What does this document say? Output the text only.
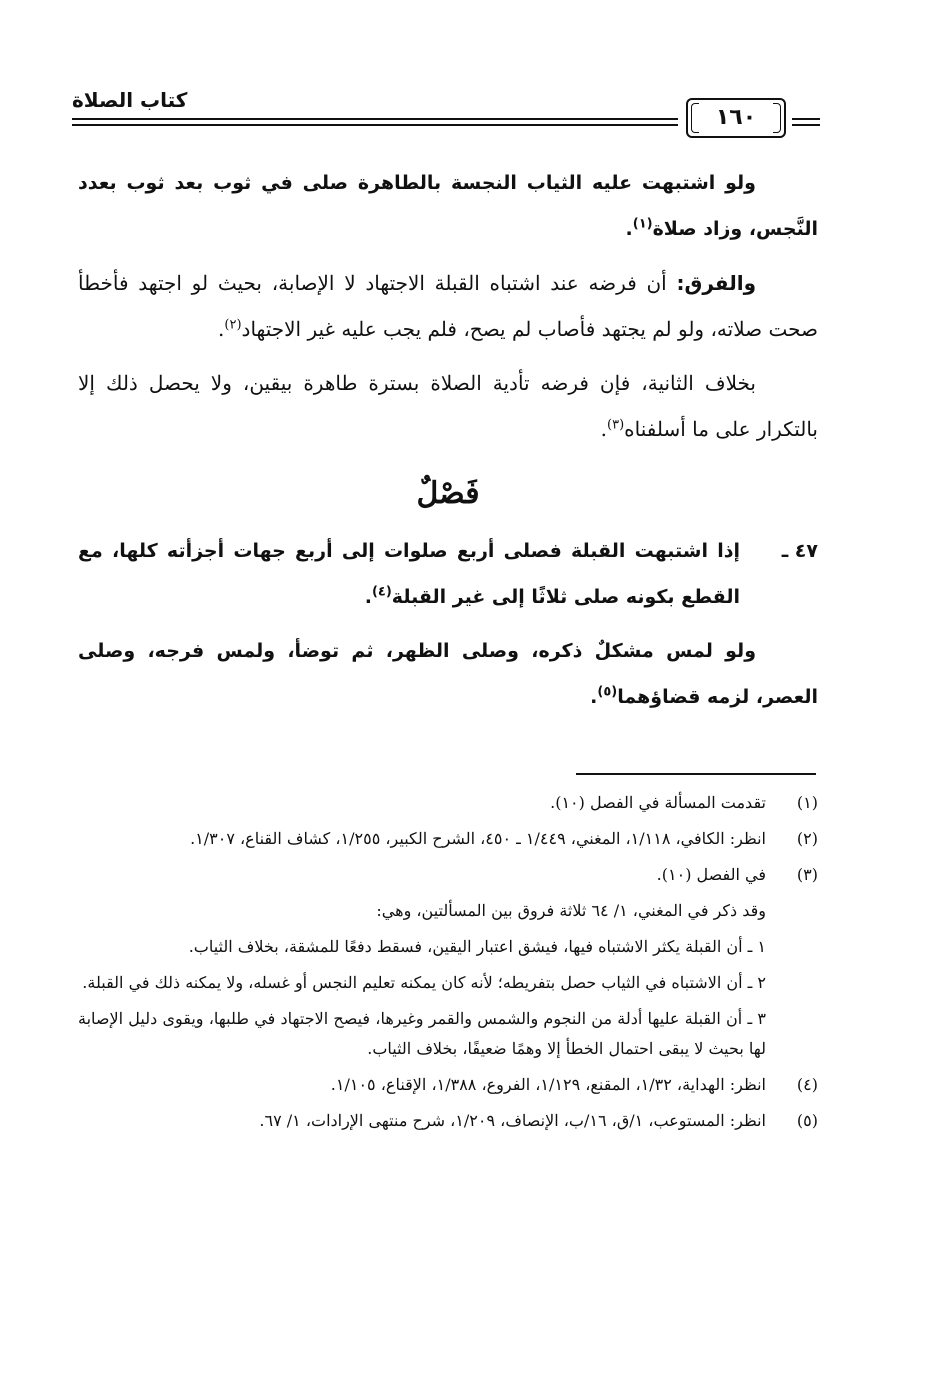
كتاب الصلاة
١٦٠

ولو اشتبهت عليه الثياب النجسة بالطاهرة صلى في ثوب بعد ثوب بعدد النَّجس، وزاد صلاة$^{(١)}$.

والفرق: أن فرضه عند اشتباه القبلة الاجتهاد لا الإصابة، بحيث لو اجتهد فأخطأ صحت صلاته، ولو لم يجتهد فأصاب لم يصح، فلم يجب عليه غير الاجتهاد$^{(٢)}$.

بخلاف الثانية، فإن فرضه تأدية الصلاة بسترة طاهرة بيقين، ولا يحصل ذلك إلا بالتكرار على ما أسلفناه$^{(٣)}$.

فَصْلٌ

٤٧ ـ
إذا اشتبهت القبلة فصلى أربع صلوات إلى أربع جهات أجزأته كلها، مع القطع بكونه صلى ثلاثًا إلى غير القبلة$^{(٤)}$.

ولو لمس مشكلٌ ذكره، وصلى الظهر، ثم توضأ، ولمس فرجه، وصلى العصر، لزمه قضاؤهما$^{(٥)}$.

(١)
تقدمت المسألة في الفصل (١٠).
(٢)
انظر: الكافي، ١/١١٨، المغني، ١/٤٤٩ ـ ٤٥٠، الشرح الكبير، ١/٢٥٥، كشاف القناع، ١/٣٠٧.
(٣)
في الفصل (١٠).
وقد ذكر في المغني، ١/ ٦٤ ثلاثة فروق بين المسألتين، وهي:
١ ـ أن القبلة يكثر الاشتباه فيها، فيشق اعتبار اليقين، فسقط دفعًا للمشقة، بخلاف الثياب.
٢ ـ أن الاشتباه في الثياب حصل بتفريطه؛ لأنه كان يمكنه تعليم النجس أو غسله، ولا يمكنه ذلك في القبلة.
٣ ـ أن القبلة عليها أدلة من النجوم والشمس والقمر وغيرها، فيصح الاجتهاد في طلبها، ويقوى دليل الإصابة لها بحيث لا يبقى احتمال الخطأ إلا وهمًا ضعيفًا، بخلاف الثياب.
(٤)
انظر: الهداية، ١/٣٢، المقنع، ١/١٢٩، الفروع، ١/٣٨٨، الإقناع، ١/١٠٥.
(٥)
انظر: المستوعب، ١/ق، ١٦/ب، الإنصاف، ١/٢٠٩، شرح منتهى الإرادات، ١/ ٦٧.
